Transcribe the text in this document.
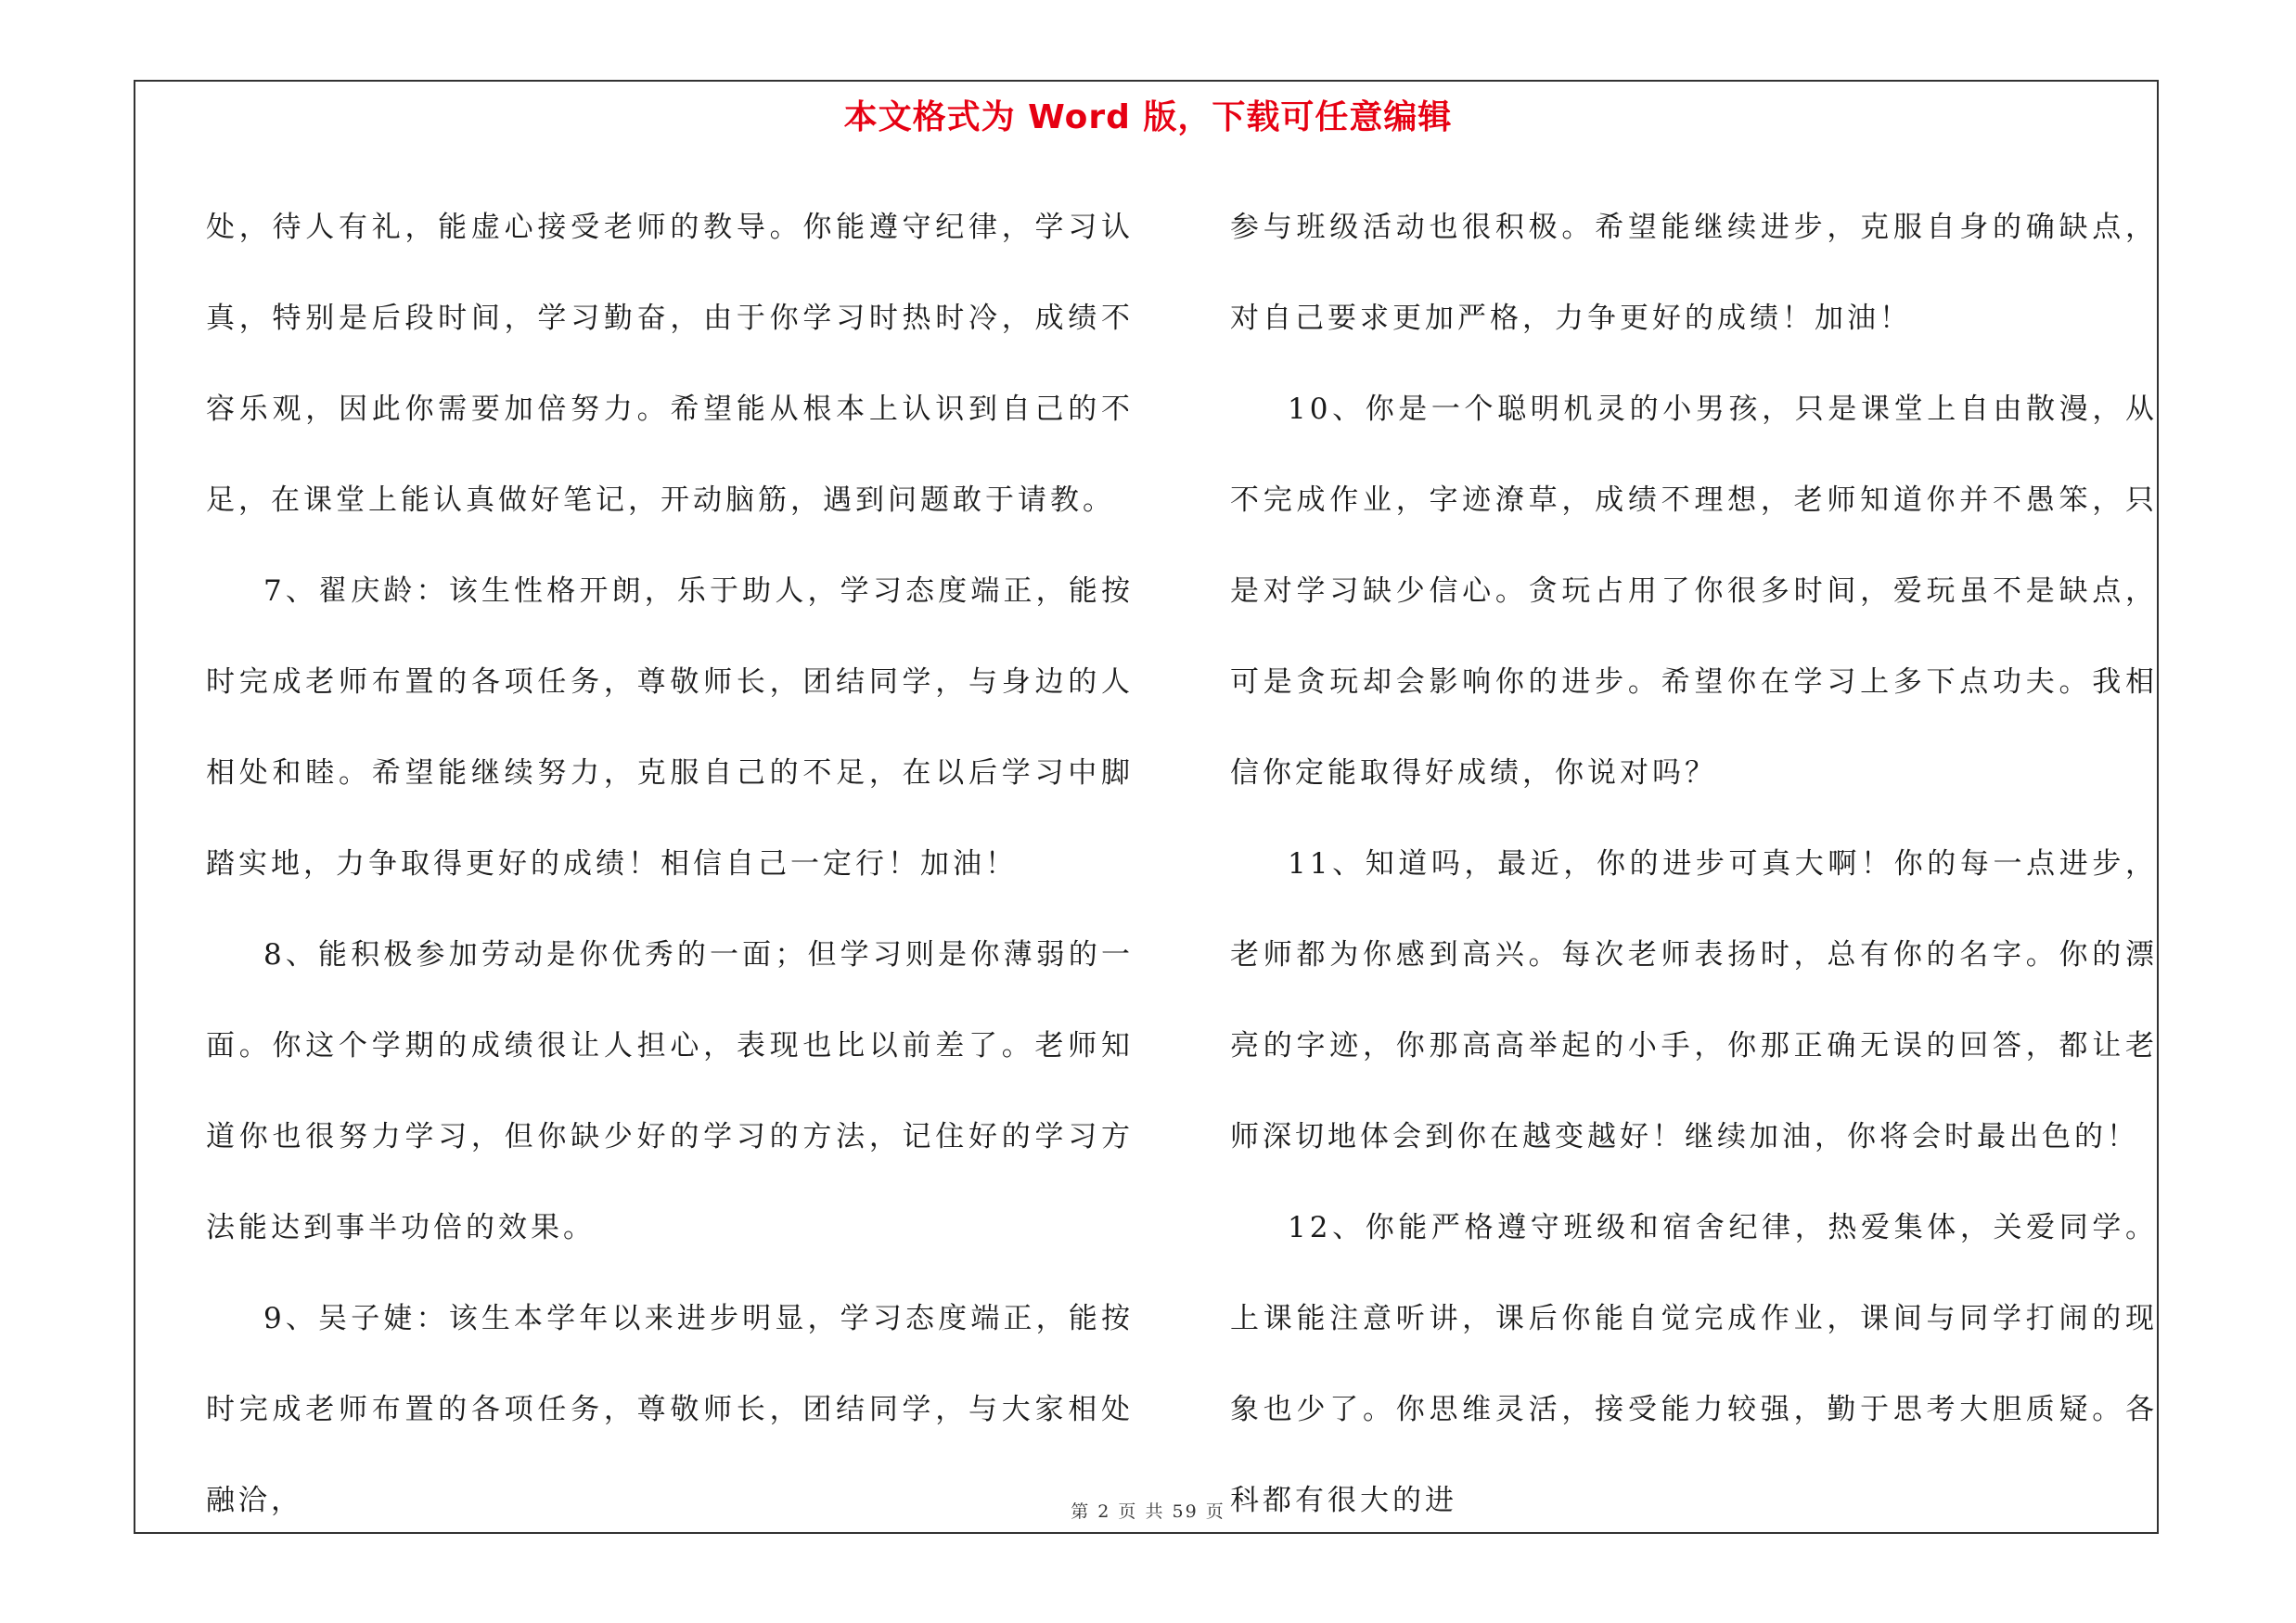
本文格式为 Word 版，下载可任意编辑

处，待人有礼，能虚心接受老师的教导。你能遵守纪律，学习认真，特别是后段时间，学习勤奋，由于你学习时热时冷，成绩不容乐观，因此你需要加倍努力。希望能从根本上认识到自己的不足，在课堂上能认真做好笔记，开动脑筋，遇到问题敢于请教。

7、翟庆龄：该生性格开朗，乐于助人，学习态度端正，能按时完成老师布置的各项任务，尊敬师长，团结同学，与身边的人相处和睦。希望能继续努力，克服自己的不足，在以后学习中脚踏实地，力争取得更好的成绩！相信自己一定行！加油！

8、能积极参加劳动是你优秀的一面；但学习则是你薄弱的一面。你这个学期的成绩很让人担心，表现也比以前差了。老师知道你也很努力学习，但你缺少好的学习的方法，记住好的学习方法能达到事半功倍的效果。

9、吴子婕：该生本学年以来进步明显，学习态度端正，能按时完成老师布置的各项任务，尊敬师长，团结同学，与大家相处融洽，

参与班级活动也很积极。希望能继续进步，克服自身的确缺点，对自己要求更加严格，力争更好的成绩！加油！

10、你是一个聪明机灵的小男孩，只是课堂上自由散漫，从不完成作业，字迹潦草，成绩不理想，老师知道你并不愚笨，只是对学习缺少信心。贪玩占用了你很多时间，爱玩虽不是缺点，可是贪玩却会影响你的进步。希望你在学习上多下点功夫。我相信你定能取得好成绩，你说对吗？

11、知道吗，最近，你的进步可真大啊！你的每一点进步，老师都为你感到高兴。每次老师表扬时，总有你的名字。你的漂亮的字迹，你那高高举起的小手，你那正确无误的回答，都让老师深切地体会到你在越变越好！继续加油，你将会时最出色的！

12、你能严格遵守班级和宿舍纪律，热爱集体，关爱同学。上课能注意听讲，课后你能自觉完成作业，课间与同学打闹的现象也少了。你思维灵活，接受能力较强，勤于思考大胆质疑。各科都有很大的进

第 2 页 共 59 页
